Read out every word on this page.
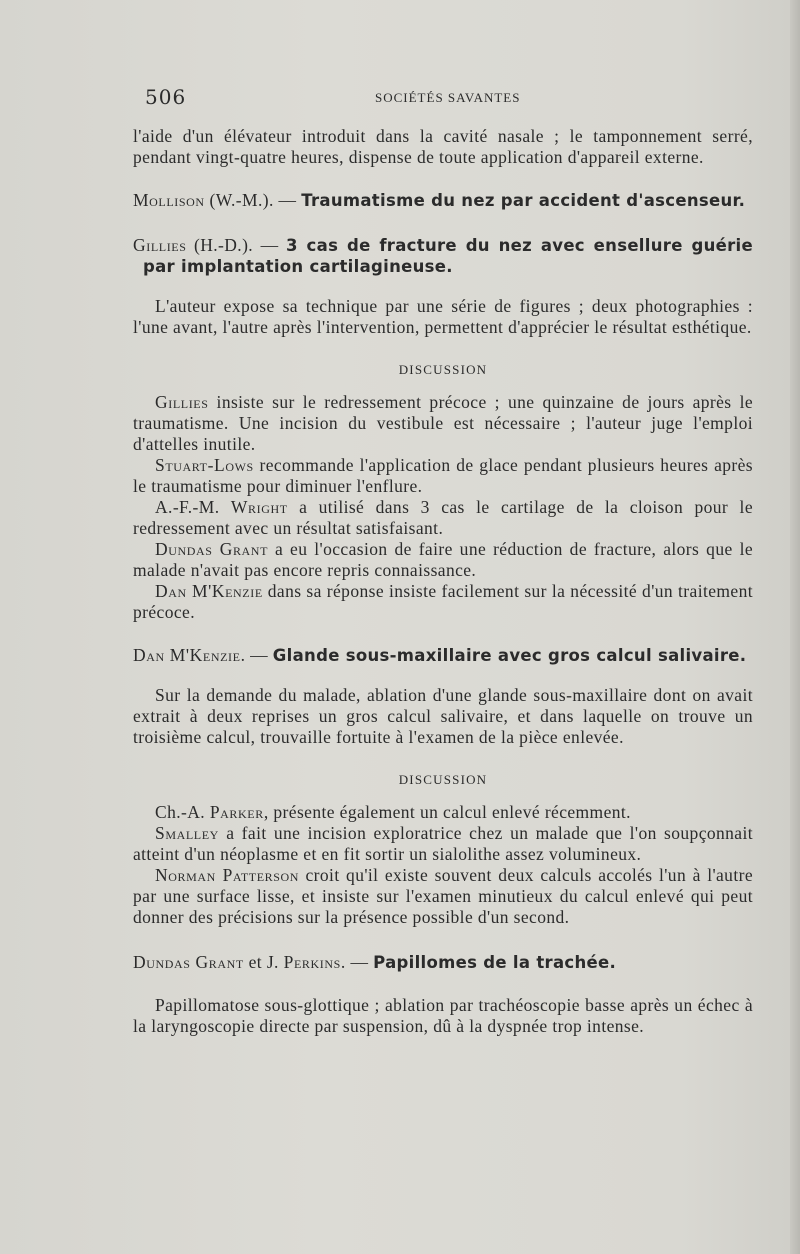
506	SOCIÉTÉS SAVANTES

l'aide d'un élévateur introduit dans la cavité nasale ; le tamponnement serré, pendant vingt-quatre heures, dispense de toute application d'appareil externe.

Mollison (W.-M.). — Traumatisme du nez par accident d'ascenseur.

Gillies (H.-D.). — 3 cas de fracture du nez avec ensellure guérie par implantation cartilagineuse.

L'auteur expose sa technique par une série de figures ; deux photographies : l'une avant, l'autre après l'intervention, permettent d'apprécier le résultat esthétique.

DISCUSSION

Gillies insiste sur le redressement précoce ; une quinzaine de jours après le traumatisme. Une incision du vestibule est nécessaire ; l'auteur juge l'emploi d'attelles inutile.

Stuart-Lows recommande l'application de glace pendant plusieurs heures après le traumatisme pour diminuer l'enflure.

A.-F.-M. Wright a utilisé dans 3 cas le cartilage de la cloison pour le redressement avec un résultat satisfaisant.

Dundas Grant a eu l'occasion de faire une réduction de fracture, alors que le malade n'avait pas encore repris connaissance.

Dan M'Kenzie dans sa réponse insiste facilement sur la nécessité d'un traitement précoce.

Dan M'Kenzie. — Glande sous-maxillaire avec gros calcul salivaire.

Sur la demande du malade, ablation d'une glande sous-maxillaire dont on avait extrait à deux reprises un gros calcul salivaire, et dans laquelle on trouve un troisième calcul, trouvaille fortuite à l'examen de la pièce enlevée.

DISCUSSION

Ch.-A. Parker, présente également un calcul enlevé récemment.

Smalley a fait une incision exploratrice chez un malade que l'on soupçonnait atteint d'un néoplasme et en fit sortir un sialolithe assez volumineux.

Norman Patterson croit qu'il existe souvent deux calculs accolés l'un à l'autre par une surface lisse, et insiste sur l'examen minutieux du calcul enlevé qui peut donner des précisions sur la présence possible d'un second.

Dundas Grant et J. Perkins. — Papillomes de la trachée.

Papillomatose sous-glottique ; ablation par trachéoscopie basse après un échec à la laryngoscopie directe par suspension, dû à la dyspnée trop intense.
